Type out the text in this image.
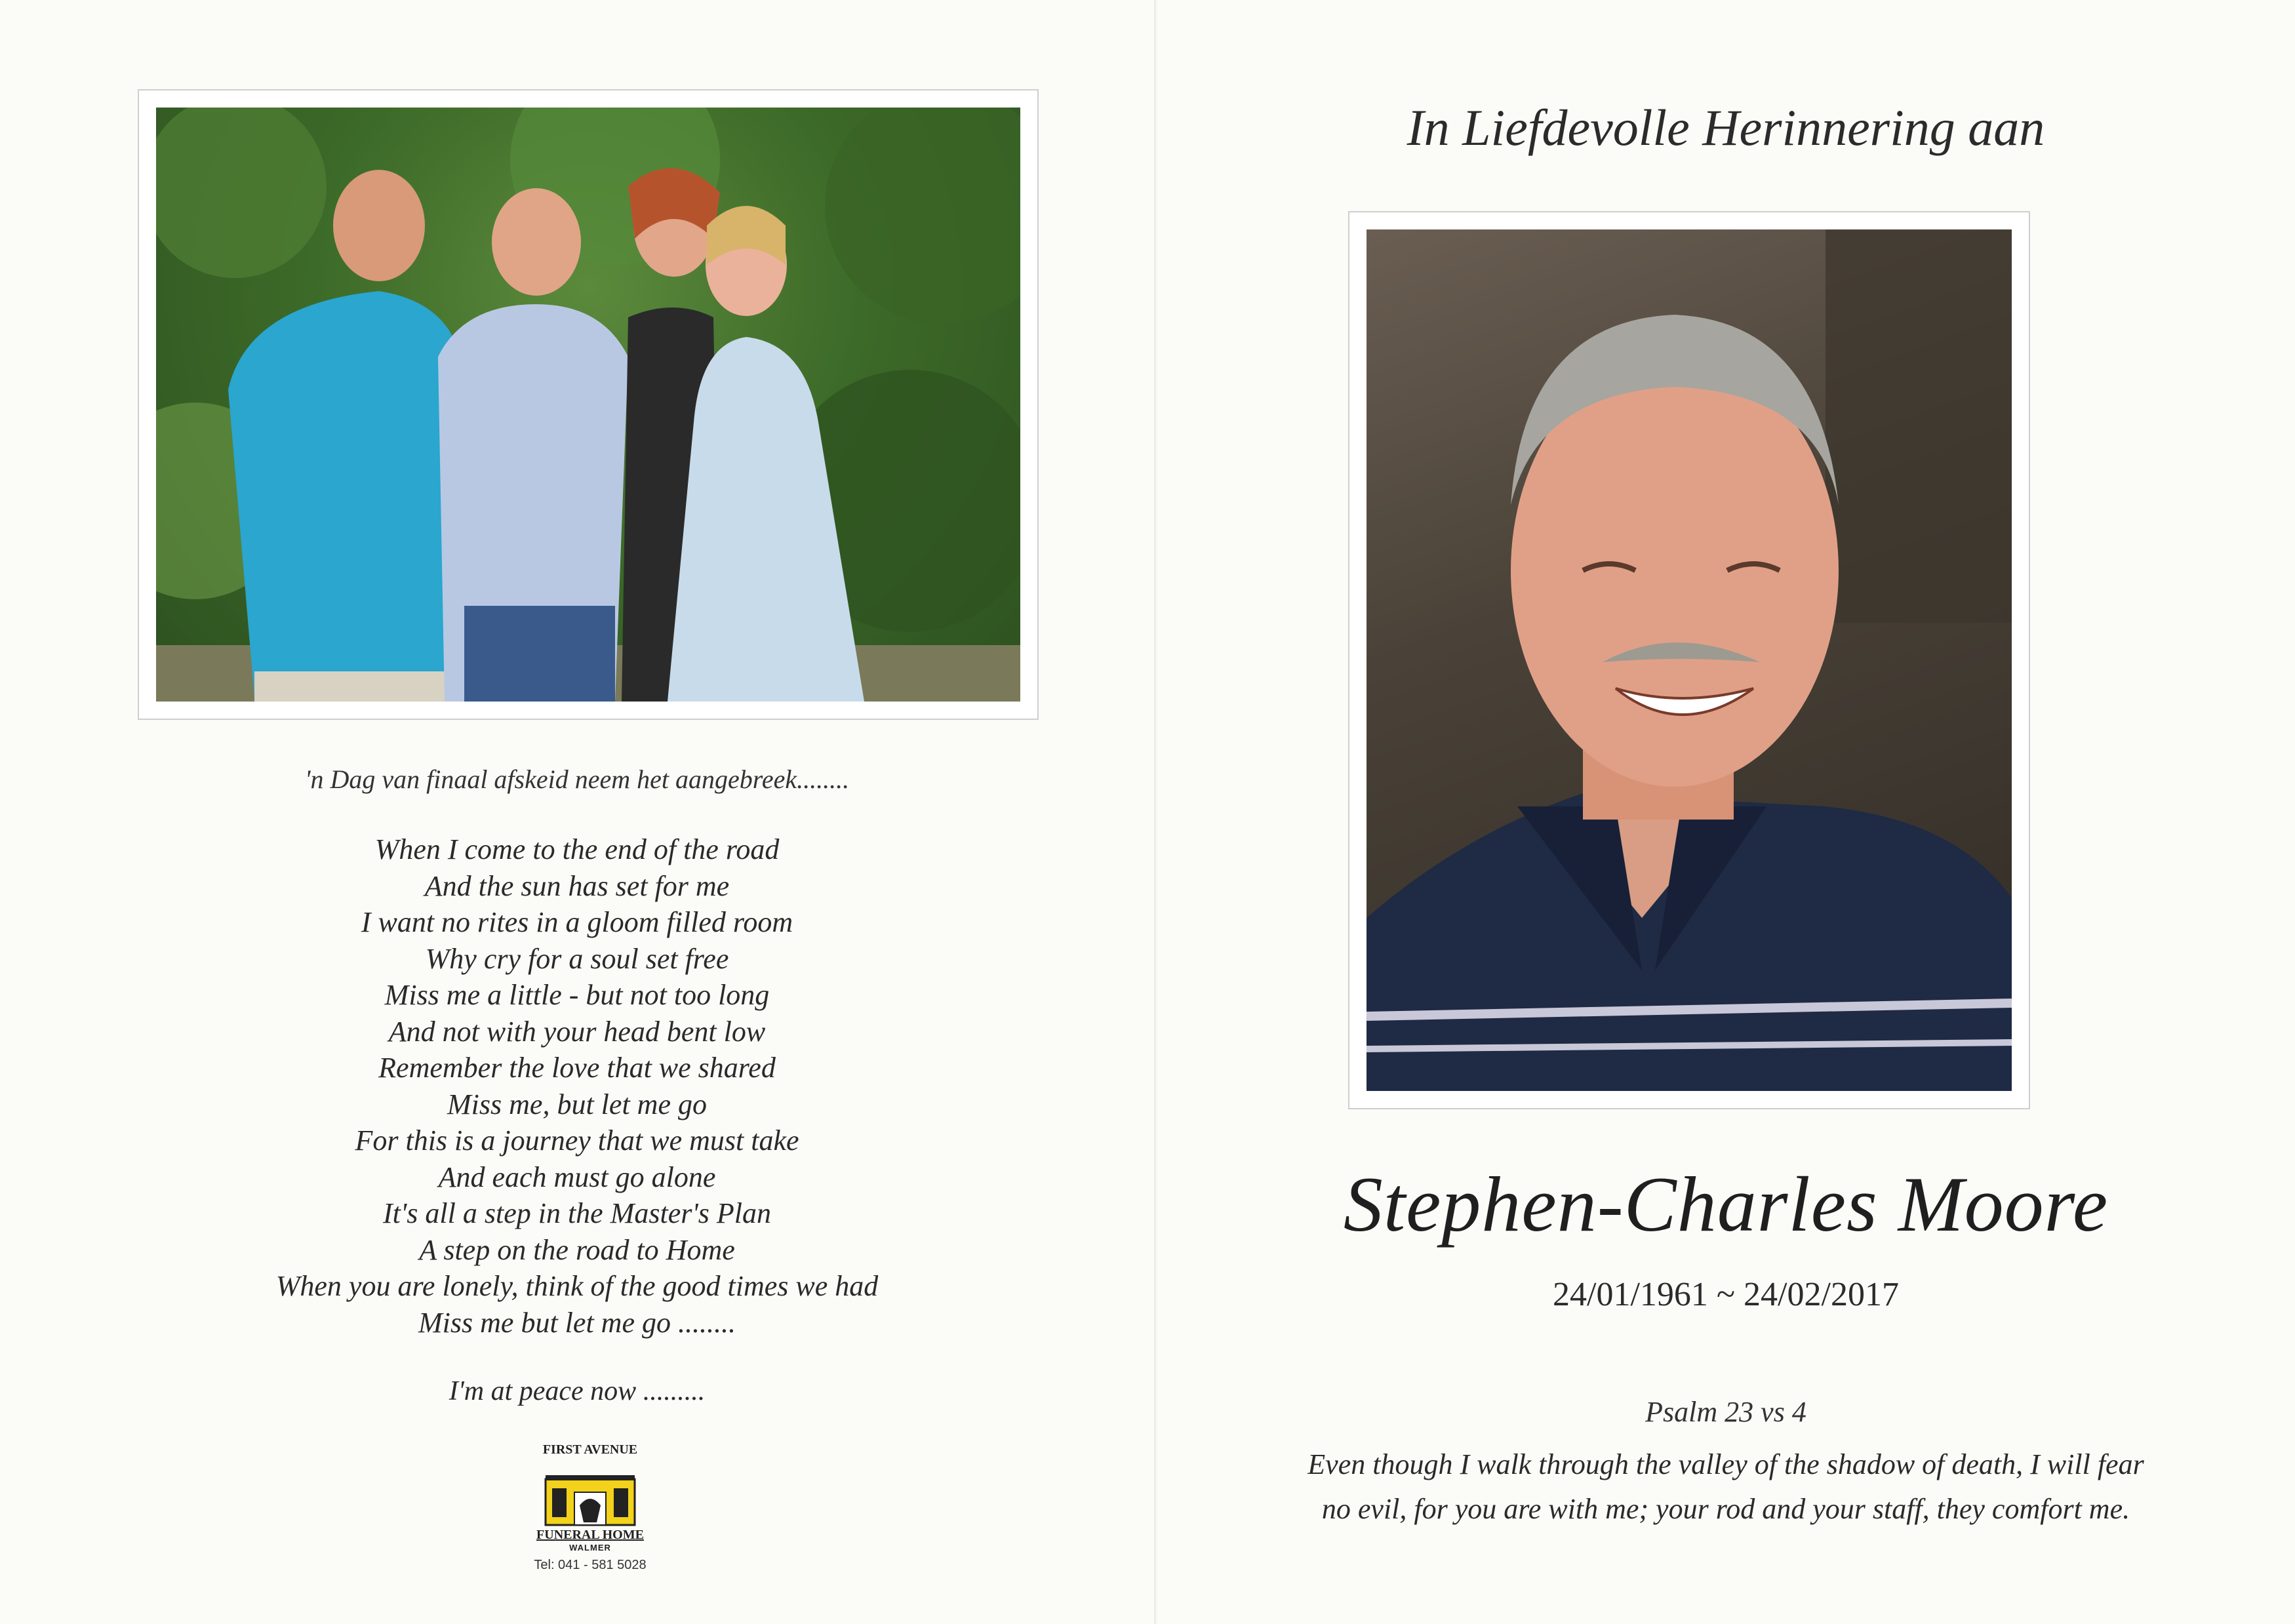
'n Dag van finaal afskeid neem het aangebreek........
When I come to the end of the road
And the sun has set for me
I want no rites in a gloom filled room
Why cry for a soul set free
Miss me a little - but not too long
And not with your head bent low
Remember the love that we shared
Miss me, but let me go
For this is a journey that we must take
And each must go alone
It's all a step in the Master's Plan
A step on the road to Home
When you are lonely, think of the good times we had
Miss me but let me go ........
I'm at peace now .........
FIRST AVENUE
FUNERAL HOME
WALMER
Tel: 041 - 581 5028
In Liefdevolle Herinnering aan
Stephen-Charles Moore
24/01/1961 ~ 24/02/2017
Psalm 23 vs 4
Even though I walk through the valley of the shadow of death, I will fear
no evil, for you are with me; your rod and your staff, they comfort me.
